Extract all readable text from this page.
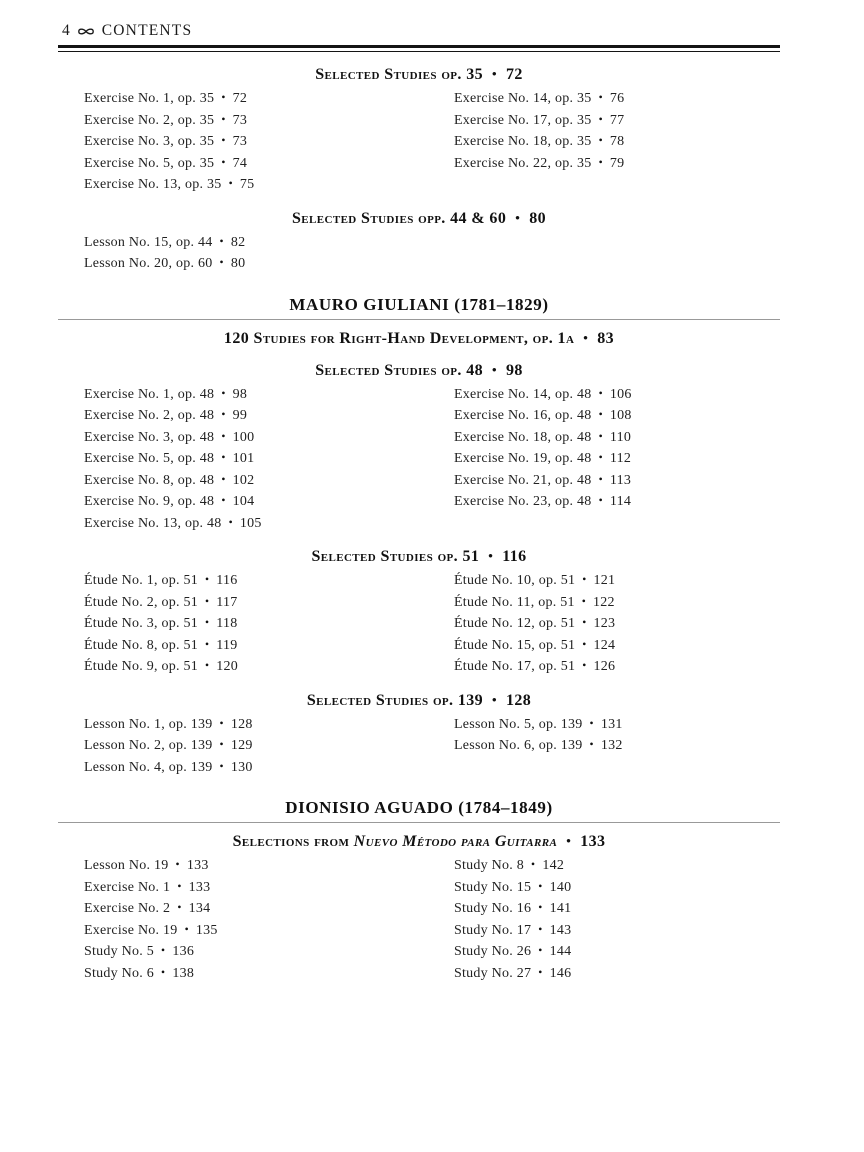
4 CONTENTS
Selected Studies op. 35 • 72
Exercise No. 1, op. 35 • 72
Exercise No. 2, op. 35 • 73
Exercise No. 3, op. 35 • 73
Exercise No. 5, op. 35 • 74
Exercise No. 13, op. 35 • 75
Exercise No. 14, op. 35 • 76
Exercise No. 17, op. 35 • 77
Exercise No. 18, op. 35 • 78
Exercise No. 22, op. 35 • 79
Selected Studies opp. 44 & 60 • 80
Lesson No. 15, op. 44 • 82
Lesson No. 20, op. 60 • 80
MAURO GIULIANI (1781–1829)
120 Studies for Right-Hand Development, op. 1a • 83
Selected Studies op. 48 • 98
Exercise No. 1, op. 48 • 98
Exercise No. 2, op. 48 • 99
Exercise No. 3, op. 48 • 100
Exercise No. 5, op. 48 • 101
Exercise No. 8, op. 48 • 102
Exercise No. 9, op. 48 • 104
Exercise No. 13, op. 48 • 105
Exercise No. 14, op. 48 • 106
Exercise No. 16, op. 48 • 108
Exercise No. 18, op. 48 • 110
Exercise No. 19, op. 48 • 112
Exercise No. 21, op. 48 • 113
Exercise No. 23, op. 48 • 114
Selected Studies op. 51 • 116
Étude No. 1, op. 51 • 116
Étude No. 2, op. 51 • 117
Étude No. 3, op. 51 • 118
Étude No. 8, op. 51 • 119
Étude No. 9, op. 51 • 120
Étude No. 10, op. 51 • 121
Étude No. 11, op. 51 • 122
Étude No. 12, op. 51 • 123
Étude No. 15, op. 51 • 124
Étude No. 17, op. 51 • 126
Selected Studies op. 139 • 128
Lesson No. 1, op. 139 • 128
Lesson No. 2, op. 139 • 129
Lesson No. 4, op. 139 • 130
Lesson No. 5, op. 139 • 131
Lesson No. 6, op. 139 • 132
DIONISIO AGUADO (1784–1849)
Selections from Nuevo Método para Guitarra • 133
Lesson No. 19 • 133
Exercise No. 1 • 133
Exercise No. 2 • 134
Exercise No. 19 • 135
Study No. 5 • 136
Study No. 6 • 138
Study No. 8 • 142
Study No. 15 • 140
Study No. 16 • 141
Study No. 17 • 143
Study No. 26 • 144
Study No. 27 • 146
